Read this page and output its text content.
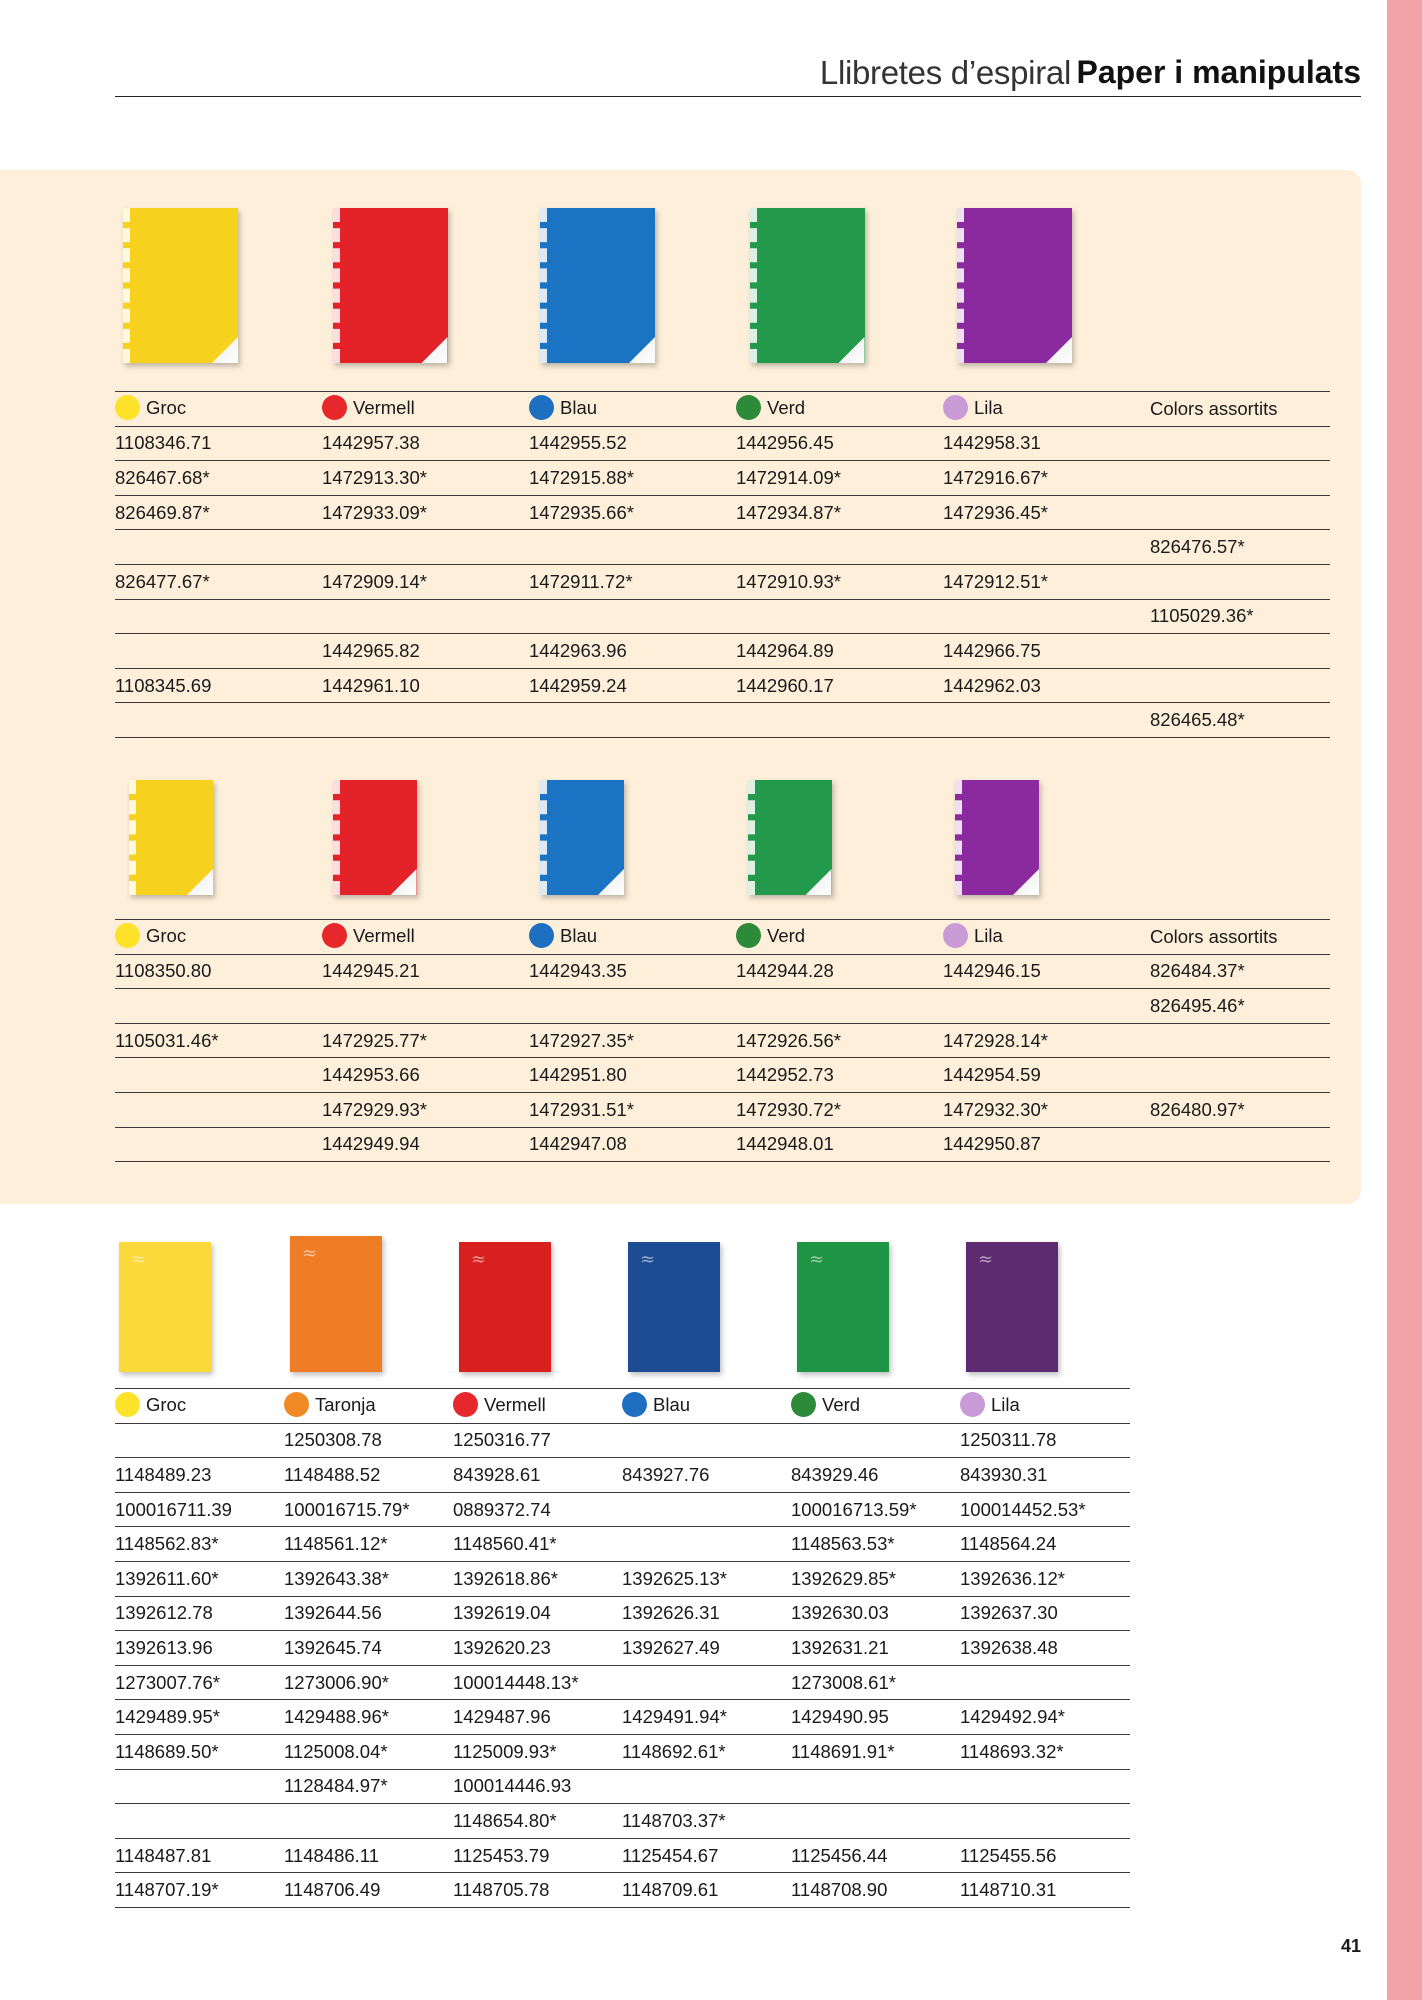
Llibretes d’espiral Paper i manipulats
Groc	Vermell	Blau	Verd	Lila	Colors assortits
1108346.71	1442957.38	1442955.52	1442956.45	1442958.31	
826467.68*	1472913.30*	1472915.88*	1472914.09*	1472916.67*	
826469.87*	1472933.09*	1472935.66*	1472934.87*	1472936.45*	
					826476.57*
826477.67*	1472909.14*	1472911.72*	1472910.93*	1472912.51*	
					1105029.36*
	1442965.82	1442963.96	1442964.89	1442966.75	
1108345.69	1442961.10	1442959.24	1442960.17	1442962.03	
					826465.48*
Groc	Vermell	Blau	Verd	Lila	Colors assortits
1108350.80	1442945.21	1442943.35	1442944.28	1442946.15	826484.37*
					826495.46*
1105031.46*	1472925.77*	1472927.35*	1472926.56*	1472928.14*	
	1442953.66	1442951.80	1442952.73	1442954.59	
	1472929.93*	1472931.51*	1472930.72*	1472932.30*	826480.97*
	1442949.94	1442947.08	1442948.01	1442950.87	
≈	≈	≈	≈	≈	≈
Groc	Taronja	Vermell	Blau	Verd	Lila
	1250308.78	1250316.77			1250311.78
1148489.23	1148488.52	843928.61	843927.76	843929.46	843930.31
100016711.39	100016715.79*	0889372.74		100016713.59*	100014452.53*
1148562.83*	1148561.12*	1148560.41*		1148563.53*	1148564.24
1392611.60*	1392643.38*	1392618.86*	1392625.13*	1392629.85*	1392636.12*
1392612.78	1392644.56	1392619.04	1392626.31	1392630.03	1392637.30
1392613.96	1392645.74	1392620.23	1392627.49	1392631.21	1392638.48
1273007.76*	1273006.90*	100014448.13*		1273008.61*	
1429489.95*	1429488.96*	1429487.96	1429491.94*	1429490.95	1429492.94*
1148689.50*	1125008.04*	1125009.93*	1148692.61*	1148691.91*	1148693.32*
	1128484.97*	100014446.93			
		1148654.80*	1148703.37*		
1148487.81	1148486.11	1125453.79	1125454.67	1125456.44	1125455.56
1148707.19*	1148706.49	1148705.78	1148709.61	1148708.90	1148710.31
41
